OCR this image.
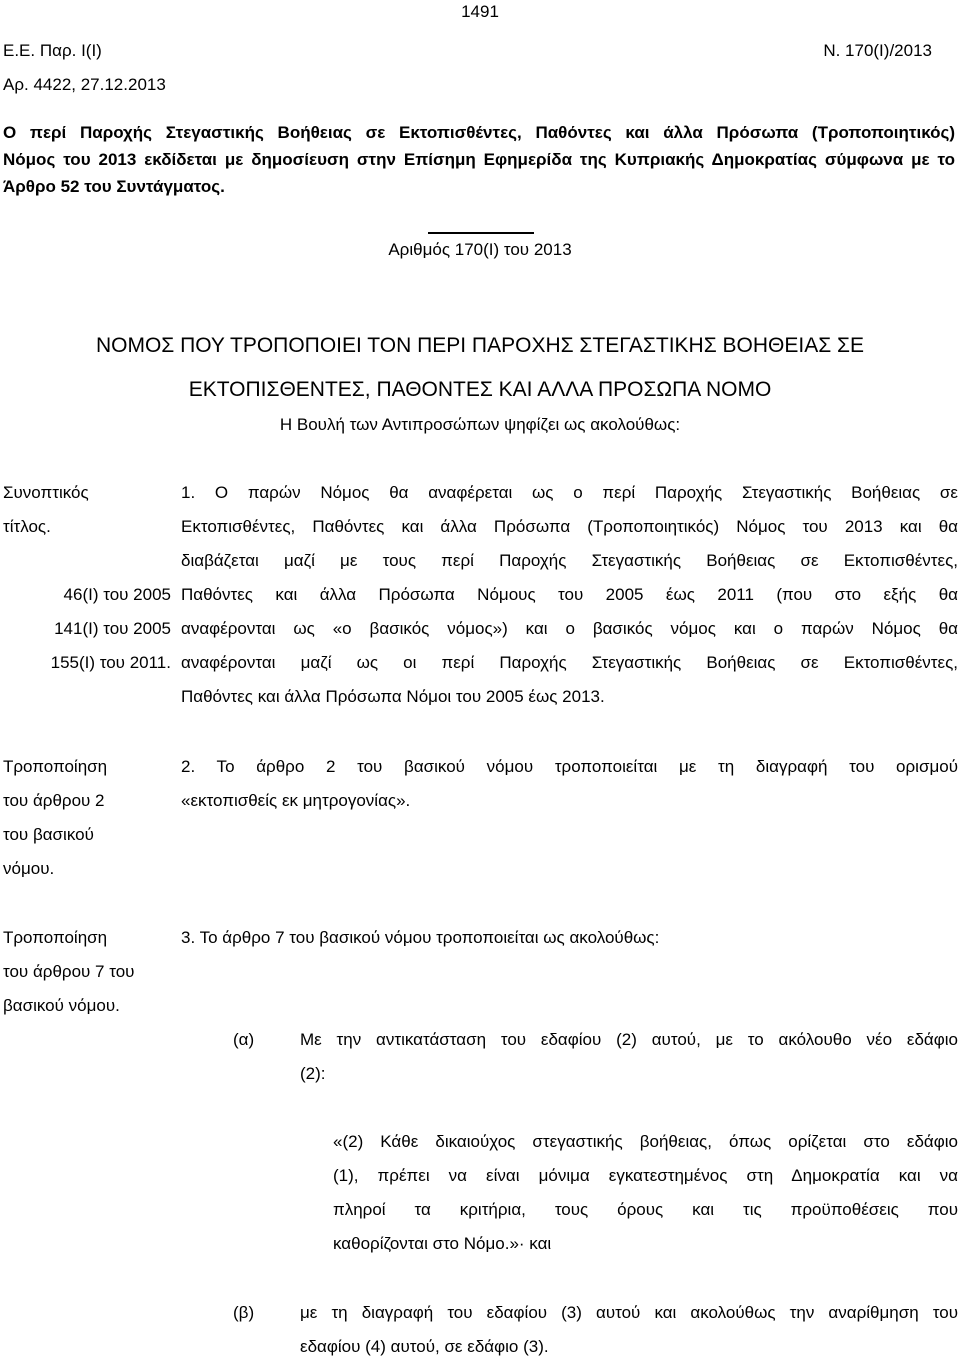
1491
Ε.Ε. Παρ. Ι(Ι)
Αρ. 4422, 27.12.2013
Ν. 170(Ι)/2013
Ο περί Παροχής Στεγαστικής Βοήθειας σε Εκτοπισθέντες, Παθόντες και άλλα Πρόσωπα (Τροποποιητικός)
Νόμος του 2013 εκδίδεται με δημοσίευση στην Επίσημη Εφημερίδα της Κυπριακής Δημοκρατίας σύμφωνα με το
Άρθρο 52 του Συντάγματος.
Αριθμός 170(Ι) του 2013
ΝΟΜΟΣ ΠΟΥ ΤΡΟΠΟΠΟΙΕΙ ΤΟΝ ΠΕΡΙ ΠΑΡΟΧΗΣ ΣΤΕΓΑΣΤΙΚΗΣ ΒΟΗΘΕΙΑΣ ΣΕ
ΕΚΤΟΠΙΣΘΕΝΤΕΣ, ΠΑΘΟΝΤΕΣ ΚΑΙ ΑΛΛΑ ΠΡΟΣΩΠΑ ΝΟΜΟ
Η Βουλή των Αντιπροσώπων ψηφίζει ως ακολούθως:
Συνοπτικός
τίτλος.
46(Ι) του 2005
141(Ι) του 2005
155(Ι) του 2011.
1. Ο παρών Νόμος θα αναφέρεται ως ο περί Παροχής Στεγαστικής Βοήθειας σε
Εκτοπισθέντες, Παθόντες και άλλα Πρόσωπα (Τροποποιητικός) Νόμος του 2013 και θα
διαβάζεται μαζί με τους περί Παροχής Στεγαστικής Βοήθειας σε Εκτοπισθέντες,
Παθόντες και άλλα Πρόσωπα Νόμους του 2005 έως 2011 (που στο εξής θα
αναφέρονται ως «ο βασικός νόμος») και ο βασικός νόμος και ο παρών Νόμος θα
αναφέρονται μαζί ως οι περί Παροχής Στεγαστικής Βοήθειας σε Εκτοπισθέντες,
Παθόντες και άλλα Πρόσωπα Νόμοι του 2005 έως 2013.
Τροποποίηση
του άρθρου 2
του βασικού
νόμου.
2. Το άρθρο 2 του βασικού νόμου τροποποιείται με τη διαγραφή του ορισμού
«εκτοπισθείς εκ μητρογονίας».
Τροποποίηση
του άρθρου 7 του
βασικού νόμου.
3. Το άρθρο 7 του βασικού νόμου τροποποιείται ως ακολούθως:
(α)	Με την αντικατάσταση του εδαφίου (2) αυτού, με το ακόλουθο νέο εδάφιο
(2):
«(2) Κάθε δικαιούχος στεγαστικής βοήθειας, όπως ορίζεται στο εδάφιο
(1), πρέπει να είναι μόνιμα εγκατεστημένος στη Δημοκρατία και να
πληροί τα κριτήρια, τους όρους και τις προϋποθέσεις που
καθορίζονται στο Νόμο.»· και
(β)	με τη διαγραφή του εδαφίου (3) αυτού και ακολούθως την αναρίθμηση του
εδαφίου (4) αυτού, σε εδάφιο (3).
